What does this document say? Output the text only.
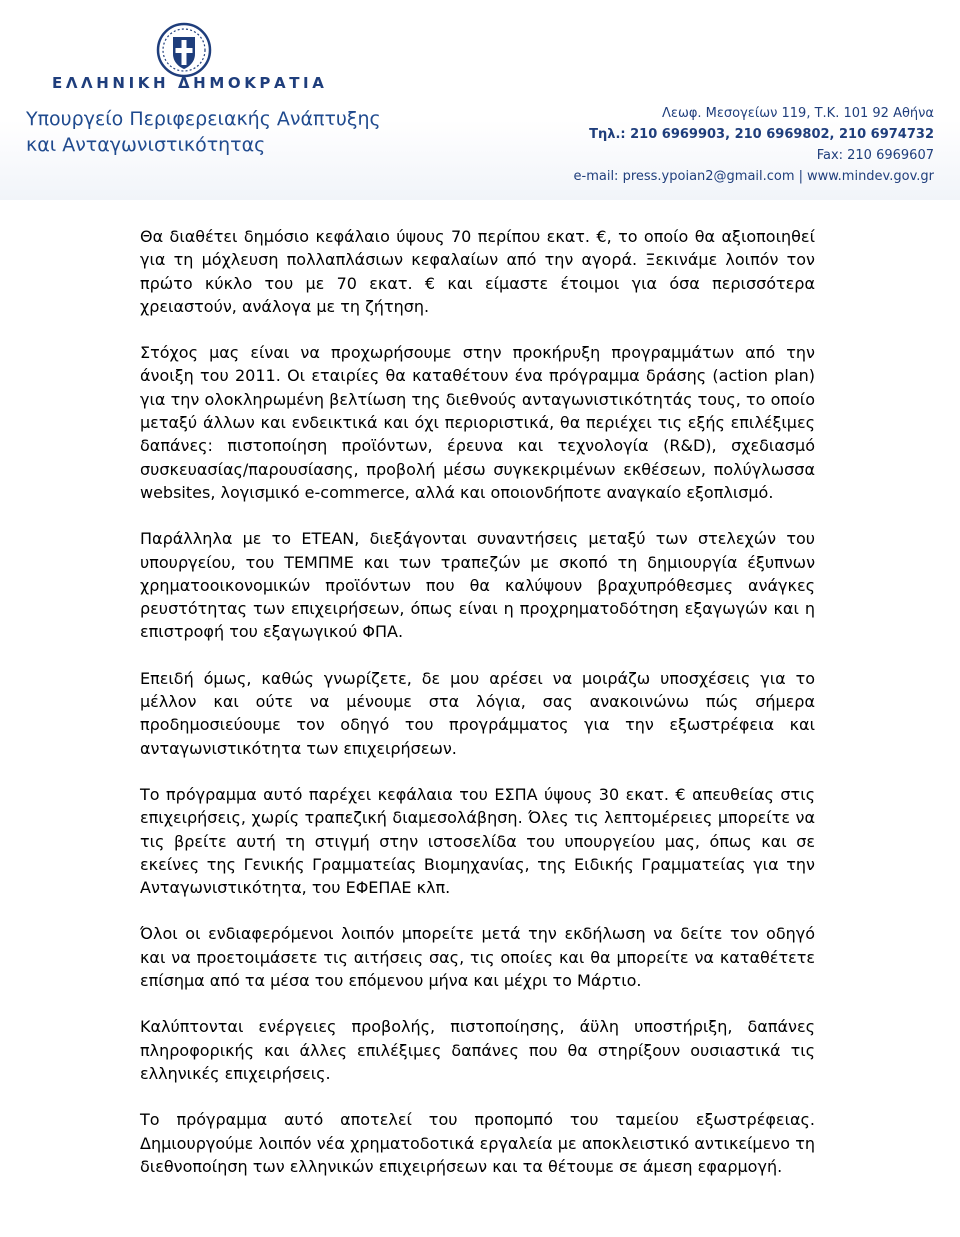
ΕΛΛΗΝΙΚΗ ΔΗΜΟΚΡΑΤΙΑ
Υπουργείο Περιφερειακής Ανάπτυξης
και Ανταγωνιστικότητας
Λεωφ. Μεσογείων 119, Τ.Κ. 101 92 Αθήνα
Τηλ.: 210 6969903, 210 6969802, 210 6974732
Fax: 210 6969607
e-mail: press.ypoian2@gmail.com | www.mindev.gov.gr

Θα διαθέτει δημόσιο κεφάλαιο ύψους 70 περίπου εκατ. €, το οποίο θα αξιοποιηθεί για τη μόχλευση πολλαπλάσιων κεφαλαίων από την αγορά. Ξεκινάμε λοιπόν τον πρώτο κύκλο του με 70 εκατ. € και είμαστε έτοιμοι για όσα περισσότερα χρειαστούν, ανάλογα με τη ζήτηση.

Στόχος μας είναι να προχωρήσουμε στην προκήρυξη προγραμμάτων από την άνοιξη του 2011. Οι εταιρίες θα καταθέτουν ένα πρόγραμμα δράσης (action plan) για την ολοκληρωμένη βελτίωση της διεθνούς ανταγωνιστικότητάς τους, το οποίο μεταξύ άλλων και ενδεικτικά και όχι περιοριστικά, θα περιέχει τις εξής επιλέξιμες δαπάνες: πιστοποίηση προϊόντων, έρευνα και τεχνολογία (R&D), σχεδιασμό συσκευασίας/παρουσίασης, προβολή μέσω συγκεκριμένων εκθέσεων, πολύγλωσσα websites, λογισμικό e-commerce, αλλά και οποιονδήποτε αναγκαίο εξοπλισμό.

Παράλληλα με το ΕΤΕΑΝ, διεξάγονται συναντήσεις μεταξύ των στελεχών του υπουργείου, του ΤΕΜΠΜΕ και των τραπεζών με σκοπό τη δημιουργία έξυπνων χρηματοοικονομικών προϊόντων που θα καλύψουν βραχυπρόθεσμες ανάγκες ρευστότητας των επιχειρήσεων, όπως είναι η προχρηματοδότηση εξαγωγών και η επιστροφή του εξαγωγικού ΦΠΑ.

Επειδή όμως, καθώς γνωρίζετε, δε μου αρέσει να μοιράζω υποσχέσεις για το μέλλον και ούτε να μένουμε στα λόγια, σας ανακοινώνω πώς σήμερα προδημοσιεύουμε τον οδηγό του προγράμματος για την εξωστρέφεια και ανταγωνιστικότητα των επιχειρήσεων.

Το πρόγραμμα αυτό παρέχει κεφάλαια του ΕΣΠΑ ύψους 30 εκατ. € απευθείας στις επιχειρήσεις, χωρίς τραπεζική διαμεσολάβηση. Όλες τις λεπτομέρειες μπορείτε να τις βρείτε αυτή τη στιγμή στην ιστοσελίδα του υπουργείου μας, όπως και σε εκείνες της Γενικής Γραμματείας Βιομηχανίας, της Ειδικής Γραμματείας για την Ανταγωνιστικότητα, του ΕΦΕΠΑΕ κλπ.

Όλοι οι ενδιαφερόμενοι λοιπόν μπορείτε μετά την εκδήλωση να δείτε τον οδηγό και να προετοιμάσετε τις αιτήσεις σας, τις οποίες και θα μπορείτε να καταθέτετε επίσημα από τα μέσα του επόμενου μήνα και μέχρι το Μάρτιο.

Καλύπτονται ενέργειες προβολής, πιστοποίησης, άϋλη υποστήριξη, δαπάνες πληροφορικής και άλλες επιλέξιμες δαπάνες που θα στηρίξουν ουσιαστικά τις ελληνικές επιχειρήσεις.

Το πρόγραμμα αυτό αποτελεί του προπομπό του ταμείου εξωστρέφειας. Δημιουργούμε λοιπόν νέα χρηματοδοτικά εργαλεία με αποκλειστικό αντικείμενο τη διεθνοποίηση των ελληνικών επιχειρήσεων και τα θέτουμε σε άμεση εφαρμογή.
